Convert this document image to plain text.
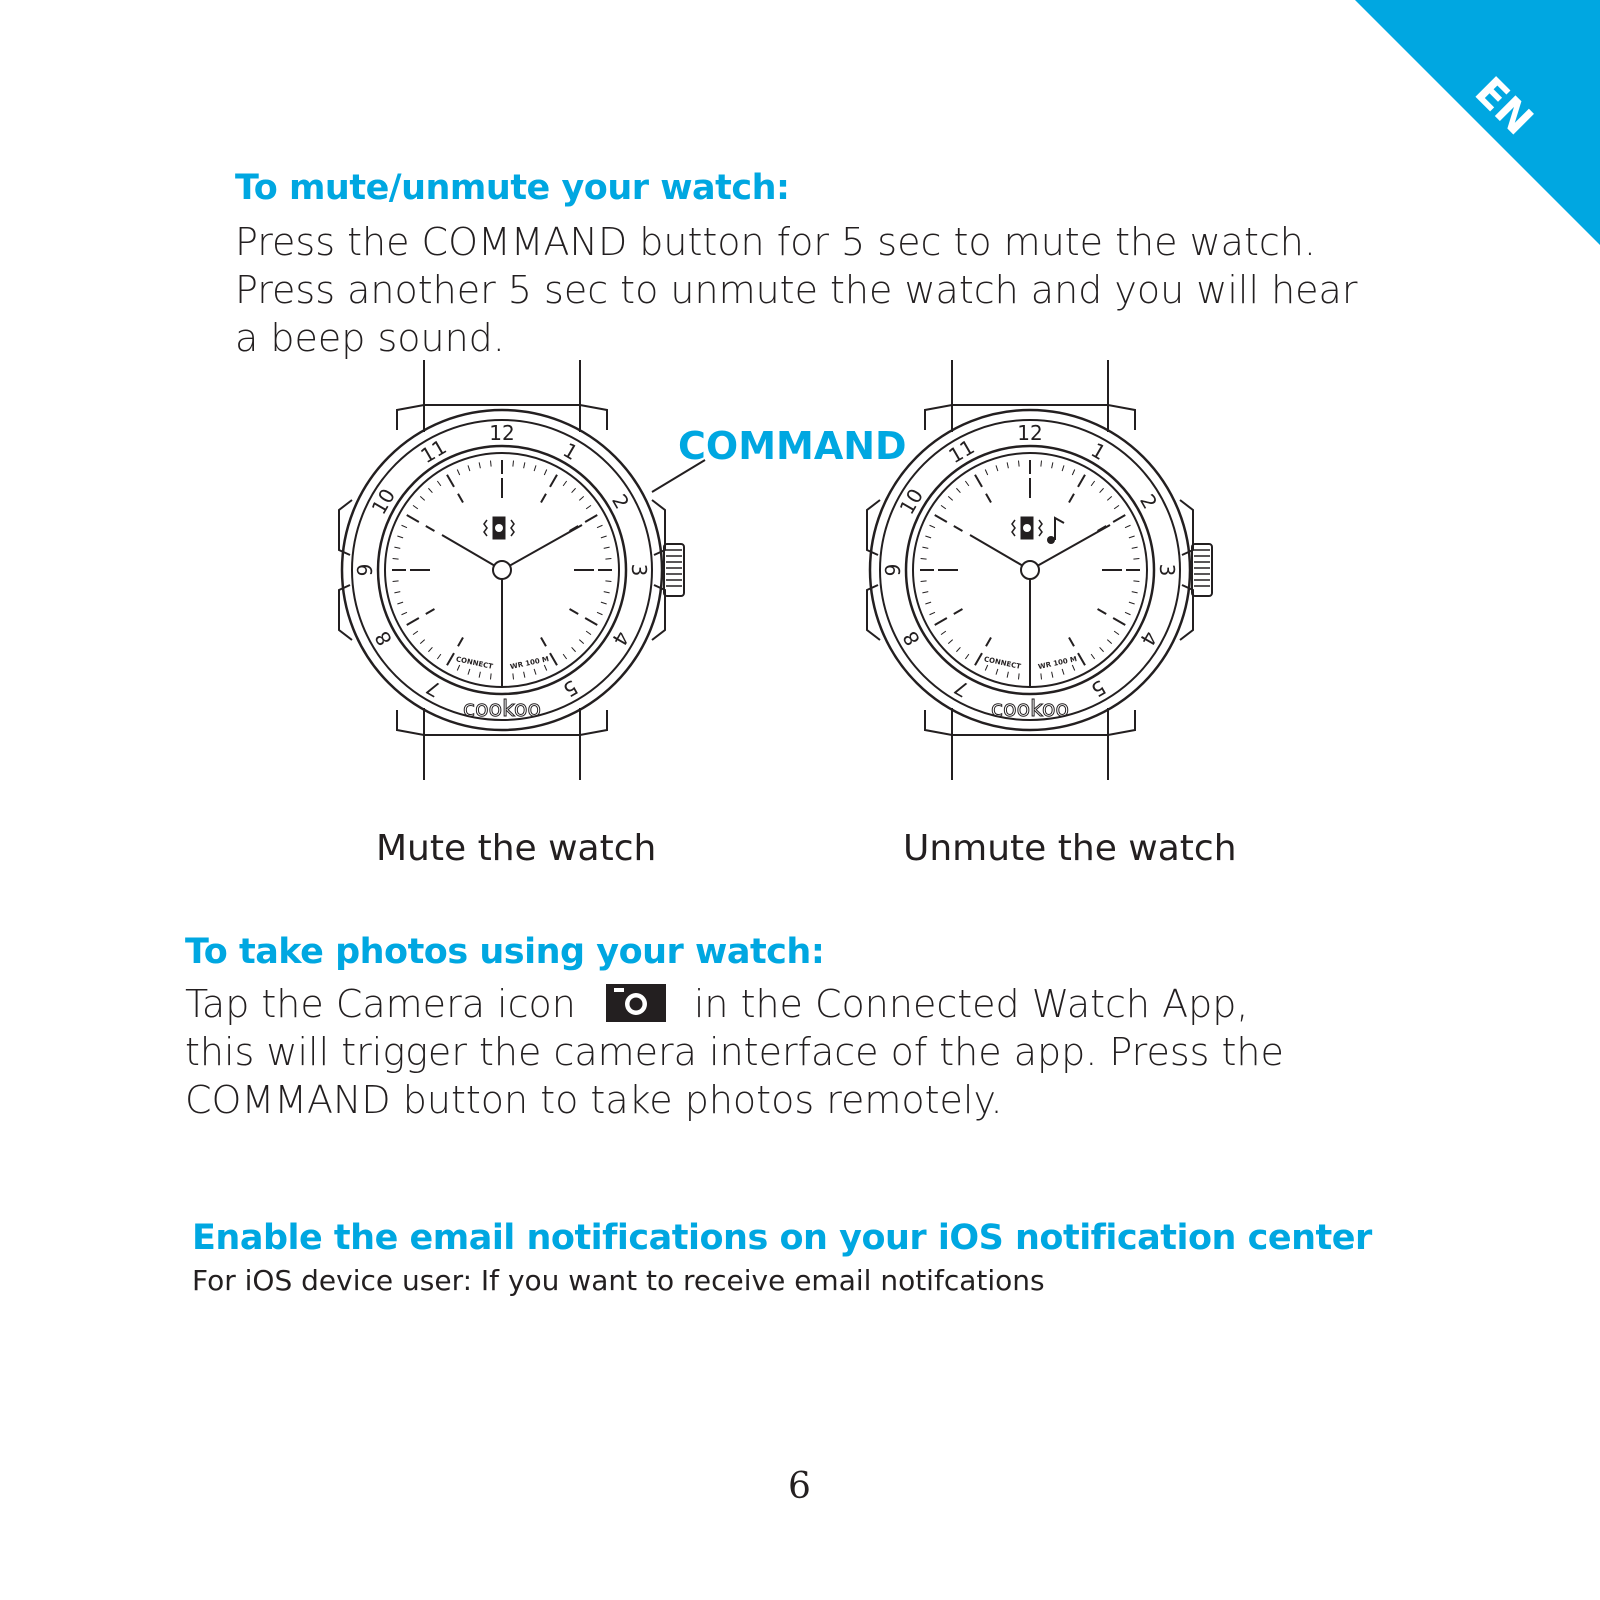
EN
To mute/unmute your watch:

Press the COMMAND button for 5 sec to mute the watch.

Press another 5 sec to unmute the watch and you will hear

a beep sound.

12
1
2
3
4
5
7
8
9
10
11
cookoo
CONNECT WR 100 M
12
1
2
3
4
5
7
8
9
10
11
cookoo
CONNECT WR 100 M
COMMAND
Mute the watch	Unmute the watch
To take photos using your watch:

Tap the Camera icon	in the Connected Watch App,

this will trigger the camera interface of the app. Press the

COMMAND button to take photos remotely.

Enable the email notifications on your iOS notification center
For iOS device user: If you want to receive email notifcations
6
